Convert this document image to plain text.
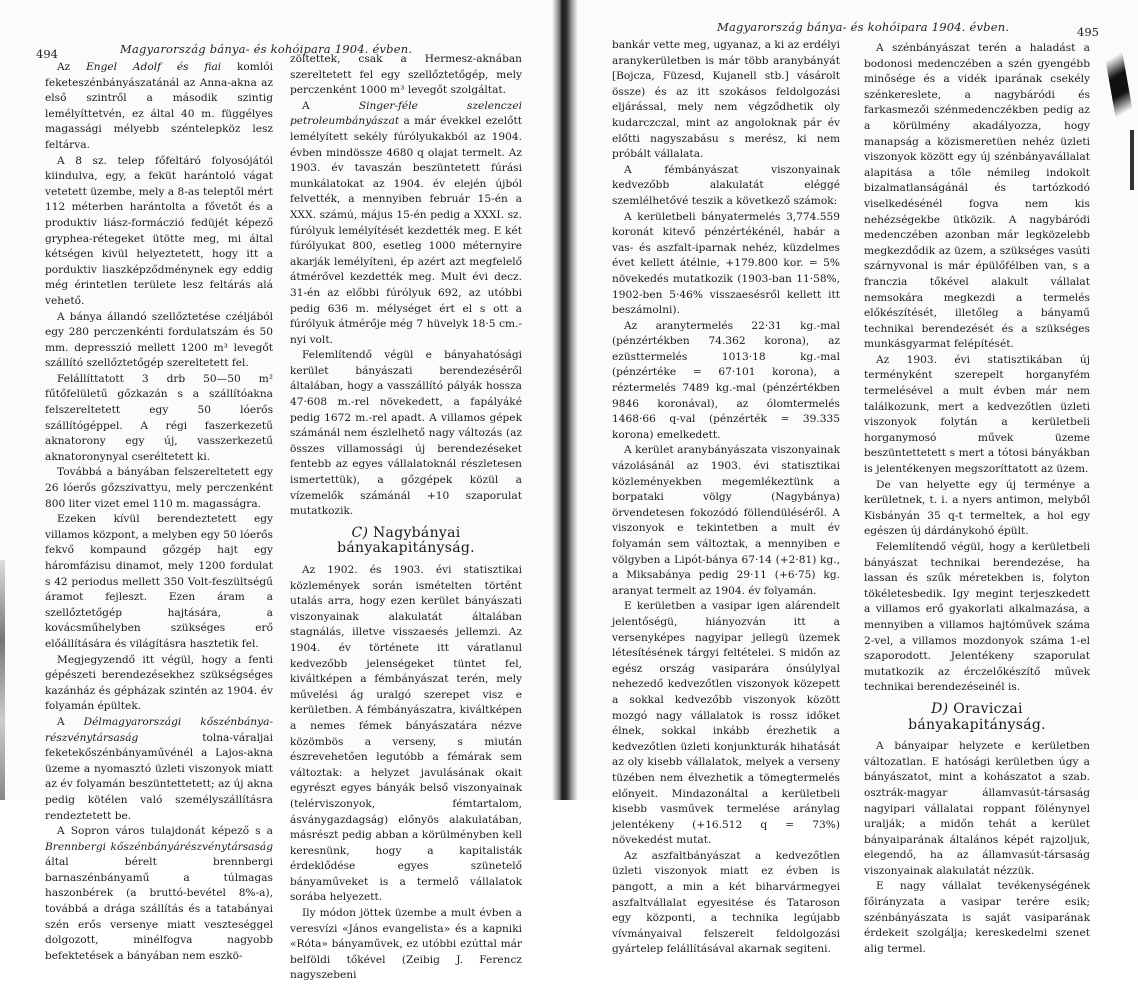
494	Magyarország bánya- és kohóipara 1904. évben.

Az Engel Adolf és fiai komlói feketeszénbányászatánál az Anna-akna az első szintről a második szintig lemélyíttetvén, ez által 40 m. függélyes magassági mélyebb széntelepköz lesz feltárva.

A 8 sz. telep főfeltáró folyosójától kiindulva, egy, a feküt harántoló vágat vetetett üzembe, mely a 8-as teleptől mért 112 méterben harántolta a fővetőt és a produktiv liász-formáczió fedüjét képező gryphea-rétegeket ütötte meg, mi által kétségen kivül helyeztetett, hogy itt a porduktiv liaszképződménynek egy eddig még érintetlen területe lesz feltárás alá vehető.

A bánya állandó szellőztetése czéljából egy 280 perczenkénti fordulatszám és 50 mm. depresszió mellett 1200 m³ levegőt szállító szellőztetőgép szereltetett fel.

Felállíttatott 3 drb 50—50 m² fűtőfelületű gőzkazán s a szállítóakna felszereltetett egy 50 lóerős szállítógéppel. A régi faszerkezetű aknatorony egy új, vasszerkezetű aknatoronynyal cseréltetett ki.

Továbbá a bányában felszereltetett egy 26 lóerős gőzszivattyu, mely perczenként 800 liter vizet emel 110 m. magasságra.

Ezeken kívül berendeztetett egy villamos központ, a melyben egy 50 lóerős fekvő kompaund gőzgép hajt egy háromfázisu dinamot, mely 1200 fordulat s 42 periodus mellett 350 Volt-feszültségű áramot fejleszt. Ezen áram a szellőztetőgép hajtására, a kovácsműhelyben szükséges erő előállítására és világításra hasztetik fel.

Megjegyzendő itt végül, hogy a fenti gépészeti berendezésekhez szükségséges kazánház és gépházak szintén az 1904. év folyamán épültek.

A Délmagyarországi kőszénbánya-részvénytársaság tolna-váraljai feketekőszénbányaművénél a Lajos-akna üzeme a nyomasztó üzleti viszonyok miatt az év folyamán beszüntettetett; az új akna pedig kötélen való személyszállításra rendeztetett be.

A Sopron város tulajdonát képező s a Brennbergi kőszénbányárészvénytársaság által bérelt brennbergi barnaszénbányamű a túlmagas haszonbérek (a bruttó-bevétel 8%-a), továbbá a drága szállítás és a tatabányai szén erős versenye miatt veszteséggel dolgozott, minélfogva nagyobb befektetések a bányában nem eszkö-

zöltettek, csak a Hermesz-aknában szereltetett fel egy szellőztetőgép, mely perczenként 1000 m³ levegőt szolgáltat.

A Singer-féle szelenczei petroleumbányászat a már évekkel ezelőtt lemélyített sekély fúrólyukakból az 1904. évben mindössze 4680 q olajat termelt. Az 1903. év tavaszán beszüntetett fúrási munkálatokat az 1904. év elején újból felvették, a mennyiben február 15-én a XXX. számú, május 15-én pedig a XXXI. sz. fúrólyuk lemélyítését kezdették meg. E két fúrólyukat 800, esetleg 1000 méternyire akarják lemélyíteni, ép azért azt megfelelő átmérővel kezdették meg. Mult évi decz. 31-én az előbbi fúrólyuk 692, az utóbbi pedig 636 m. mélységet ért el s ott a fúrólyuk átmérője még 7 hüvelyk 18·5 cm.-nyi volt.

Felemlítendő végül e bányahatósági kerület bányászati berendezéséről általában, hogy a vasszállító pályák hossza 47·608 m.-rel növekedett, a fapályáké pedig 1672 m.-rel apadt. A villamos gépek számánál nem észlelhető nagy változás (az összes villamossági új berendezéseket fentebb az egyes vállalatoknál részletesen ismertettük), a gőzgépek közül a vízemelők számánál +10 szaporulat mutatkozik.

C) Nagybányai bányakapitányság.

Az 1902. és 1903. évi statisztikai közlemények során ismételten történt utalás arra, hogy ezen kerület bányászati viszonyainak alakulatát általában stagnálás, illetve visszaesés jellemzi. Az 1904. év története itt váratlanul kedvezőbb jelenségeket tüntet fel, kiváltképen a fémbányászat terén, mely művelési ág uralgó szerepet visz e kerületben. A fémbányászatra, kiváltképen a nemes fémek bányászatára nézve közömbös a verseny, s miután észrevehetően legutóbb a fémárak sem változtak: a helyzet javulásának okait egyrészt egyes bányák belső viszonyainak (telérviszonyok, fémtartalom, ásványgazdagság) előnyös alakulatában, másrészt pedig abban a körülményben kell keresnünk, hogy a kapitalisták érdeklődése egyes szünetelő bányaműveket is a termelő vállalatok sorába helyezett.

Ily módon jöttek üzembe a mult évben a veresvízi «János evangelista» és a kapniki «Róta» bányaművek, ez utóbbi ezúttal már belföldi tőkével (Zeibig J. Ferencz nagyszebeni

Magyarország bánya- és kohóipara 1904. évben.	495

bankár vette meg, ugyanaz, a ki az erdélyi aranykerületben is már több aranybányát [Bojcza, Füzesd, Kujanell stb.] vásárolt össze) és az itt szokásos feldolgozási eljárással, mely nem végződhetik oly kudarczczal, mint az angoloknak pár év előtti nagyszabásu s merész, ki nem próbált vállalata.

A fémbányászat viszonyainak kedvezőbb alakulatát eléggé szemlélhetővé teszik a következő számok:

A kerületbeli bányatermelés 3,774.559 koronát kitevő pénzértékénél, habár a vas- és aszfalt-iparnak nehéz, küzdelmes évet kellett átélnie, +179.800 kor. = 5% növekedés mutatkozik (1903-ban 11·58%, 1902-ben 5·46% visszaesésről kellett itt beszámolni).

Az aranytermelés 22·31 kg.-mal (pénzértékben 74.362 korona), az ezüsttermelés 1013·18 kg.-mal (pénzértéke = 67·101 korona), a réztermelés 7489 kg.-mal (pénzértékben 9846 koronával), az ólomtermelés 1468·66 q-val (pénzérték = 39.335 korona) emelkedett.

A kerület aranybányászata viszonyainak vázolásánál az 1903. évi statisztikai közleményekben megemlékeztünk a borpataki völgy (Nagybánya) örvendetesen fokozódó föllendüléséről. A viszonyok e tekintetben a mult év folyamán sem változtak, a mennyiben e völgyben a Lipót-bánya 67·14 (+2·81) kg., a Miksabánya pedig 29·11 (+6·75) kg. aranyat termelt az 1904. év folyamán.

E kerületben a vasipar igen alárendelt jelentőségü, hiányozván itt a versenyképes nagyipar jellegü üzemek létesítésének tárgyi feltételei. S midőn az egész ország vasiparára ónsúlylyal nehezedő kedvezőtlen viszonyok közepett a sokkal kedvezőbb viszonyok között mozgó nagy vállalatok is rossz időket élnek, sokkal inkább érezhetik a kedvezőtlen üzleti konjunkturák hihatását az oly kisebb vállalatok, melyek a verseny tüzében nem élvezhetik a tömegtermelés előnyeit. Mindazonáltal a kerületbeli kisebb vasművek termelése aránylag jelentékeny (+16.512 q = 73%) növekedést mutat.

Az aszfaltbányászat a kedvezőtlen üzleti viszonyok miatt ez évben is pangott, a min a két biharvármegyei aszfaltvállalat egyesitése és Tataroson egy központi, a technika legújabb vívmányaival felszerelt feldolgozási gyártelep felállításával akarnak segiteni.

A szénbányászat terén a haladást a bodonosi medenczében a szén gyengébb minősége és a vidék iparának csekély szénkereslete, a nagybáródi és farkasmezői szénmedenczékben pedig az a körülmény akadályozza, hogy manapság a közismeretüen nehéz üzleti viszonyok között egy új szénbányavállalat alapitása a tőle némileg indokolt bizalmatlanságánál és tartózkodó viselkedésénél fogva nem kis nehézségekbe ütközik. A nagybáródi medenczében azonban már legközelebb megkezdődik az üzem, a szükséges vasúti szárnyvonal is már épülőfélben van, s a franczia tőkével alakult vállalat nemsokára megkezdi a termelés előkészítését, illetőleg a bányamű technikai berendezését és a szükséges munkásgyarmat felépítését.

Az 1903. évi statisztikában új terményként szerepelt horganyfém termelésével a mult évben már nem találkozunk, mert a kedvezőtlen üzleti viszonyok folytán a kerületbeli horganymosó művek üzeme beszüntettetett s mert a tótosi bányákban is jelentékenyen megszoríttatott az üzem.

De van helyette egy új terménye a kerületnek, t. i. a nyers antimon, melyből Kisbányán 35 q-t termeltek, a hol egy egészen új dárdánykohó épült.

Felemlítendő végül, hogy a kerületbeli bányászat technikai berendezése, ha lassan és szűk méretekben is, folyton tökéletesbedik. Igy megint terjeszkedett a villamos erő gyakorlati alkalmazása, a mennyiben a villamos hajtóművek száma 2-vel, a villamos mozdonyok száma 1-el szaporodott. Jelentékeny szaporulat mutatkozik az érczelőkészítő művek technikai berendezéseinél is.

D) Oraviczai bányakapitányság.

A bányaipar helyzete e kerületben változatlan. E hatósági kerületben úgy a bányászatot, mint a kohászatot a szab. osztrák-magyar államvasút-társaság nagyipari vállalatai roppant fölénynyel uralják; a midőn tehát a kerület bányaiparának általános képét rajzoljuk, elegendő, ha az államvasút-társaság viszonyainak alakulatát nézzük.

E nagy vállalat tevékenységének főirányzata a vasipar terére esik; szénbányászata is saját vasiparának érdekeit szolgálja; kereskedelmi szenet alig termel.
